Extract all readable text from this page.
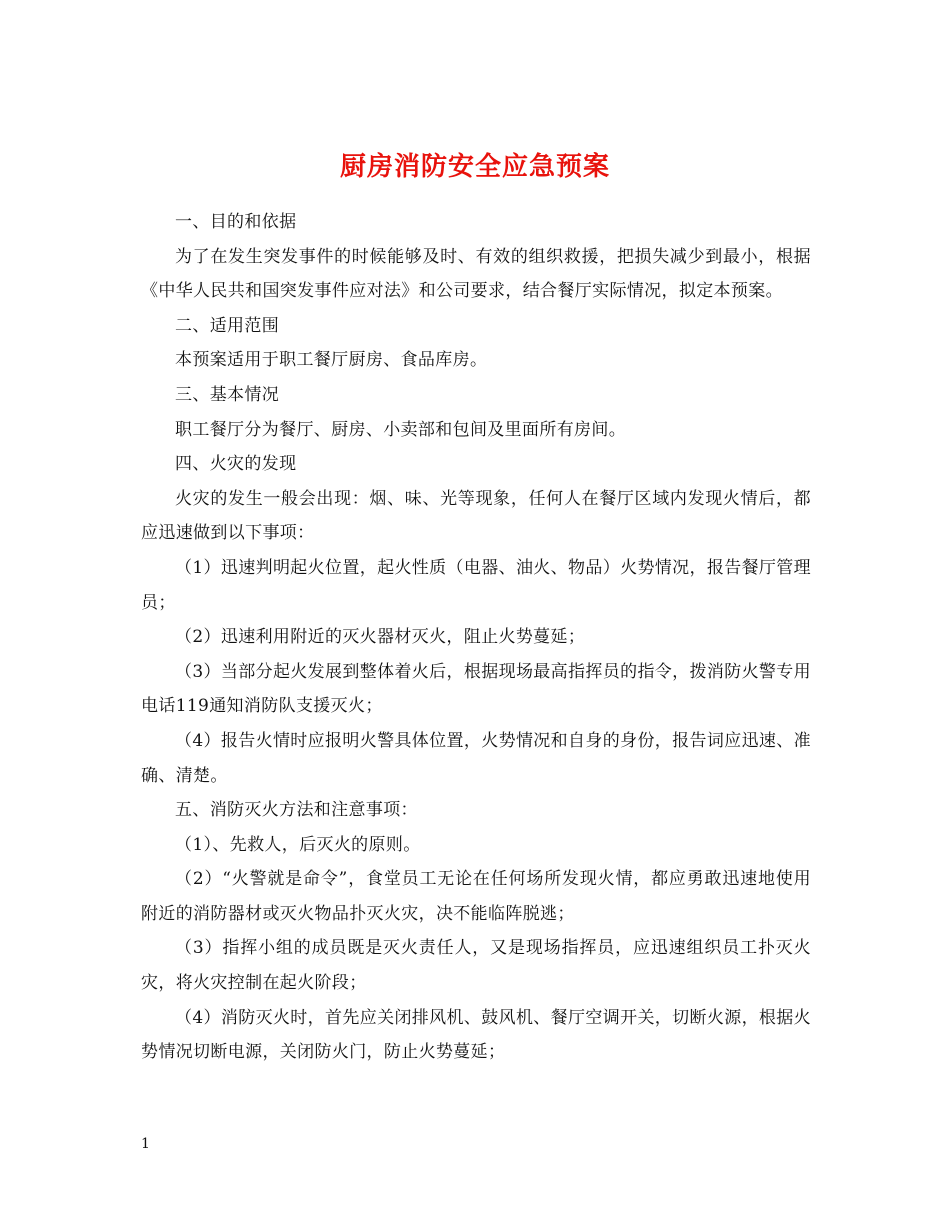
厨房消防安全应急预案

一、目的和依据

为了在发生突发事件的时候能够及时、有效的组织救援，把损失减少到最小，根据《中华人民共和国突发事件应对法》和公司要求，结合餐厅实际情况，拟定本预案。

二、适用范围

本预案适用于职工餐厅厨房、食品库房。

三、基本情况

职工餐厅分为餐厅、厨房、小卖部和包间及里面所有房间。

四、火灾的发现

火灾的发生一般会出现：烟、味、光等现象，任何人在餐厅区域内发现火情后，都应迅速做到以下事项：

（1）迅速判明起火位置，起火性质（电器、油火、物品）火势情况，报告餐厅管理员；

（2）迅速利用附近的灭火器材灭火，阻止火势蔓延；

（3）当部分起火发展到整体着火后，根据现场最高指挥员的指令，拨消防火警专用电话119通知消防队支援灭火；

（4）报告火情时应报明火警具体位置，火势情况和自身的身份，报告词应迅速、准确、清楚。

五、消防灭火方法和注意事项：

（1）、先救人，后灭火的原则。

（2）“火警就是命令”，食堂员工无论在任何场所发现火情，都应勇敢迅速地使用附近的消防器材或灭火物品扑灭火灾，决不能临阵脱逃；

（3）指挥小组的成员既是灭火责任人，又是现场指挥员，应迅速组织员工扑灭火灾，将火灾控制在起火阶段；

（4）消防灭火时，首先应关闭排风机、鼓风机、餐厅空调开关，切断火源，根据火势情况切断电源，关闭防火门，防止火势蔓延；

1
